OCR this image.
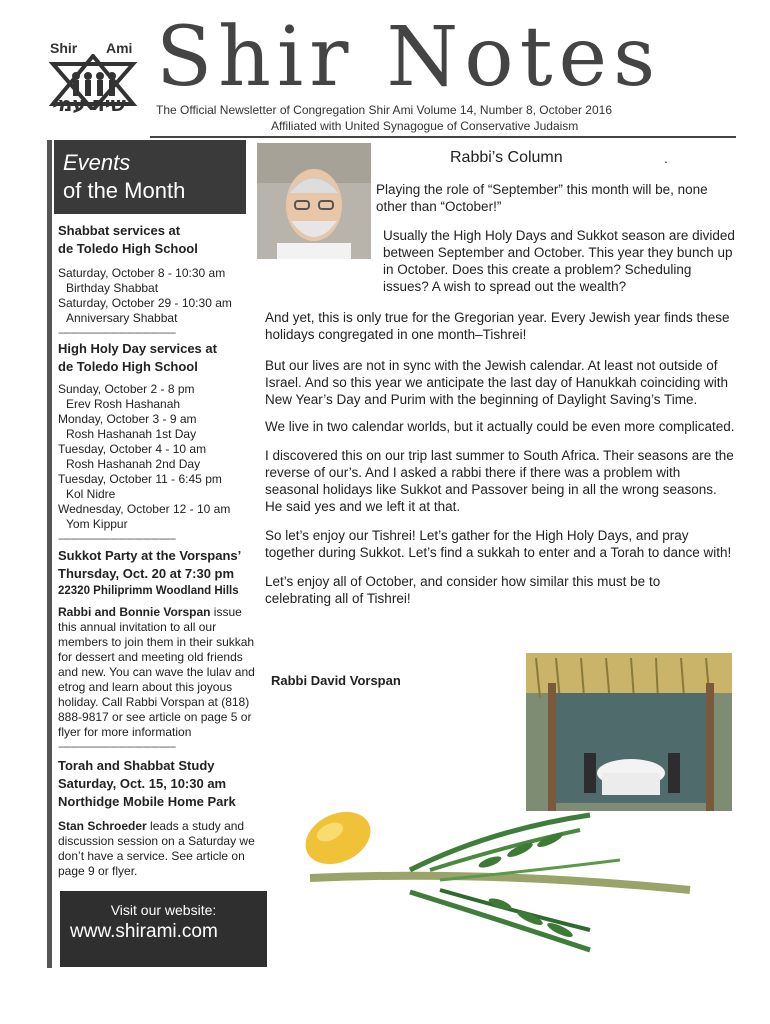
Shir Ami
שיר עמי Shir Notes
The Official Newsletter of Congregation Shir Ami Volume 14, Number 8, October 2016
Affiliated with United Synagogue of Conservative Judaism
Events
of the Month
Shabbat services at
de Toledo High School
Saturday, October 8 - 10:30 am
Birthday Shabbat
Saturday, October 29 - 10:30 am
Anniversary Shabbat
--------------------------------------------
High Holy Day services at
de Toledo High School
Sunday, October 2 - 8 pm
Erev Rosh Hashanah
Monday, October 3 - 9 am
Rosh Hashanah 1st Day
Tuesday, October 4 - 10 am
Rosh Hashanah 2nd Day
Tuesday, October 11 - 6:45 pm
Kol Nidre
Wednesday, October 12 - 10 am
Yom Kippur
--------------------------------------------
Sukkot Party at the Vorspans’
Thursday, Oct. 20 at 7:30 pm
22320 Philiprimm Woodland Hills
Rabbi and Bonnie Vorspan issue this annual invitation to all our members to join them in their sukkah for dessert and meeting old friends and new. You can wave the lulav and etrog and learn about this joyous holiday. Call Rabbi Vorspan at (818) 888-9817 or see article on page 5 or flyer for more information
--------------------------------------------
Torah and Shabbat Study
Saturday, Oct. 15, 10:30 am
Northidge Mobile Home Park
Stan Schroeder leads a study and discussion session on a Saturday we don’t have a service. See article on page 9 or flyer.
Visit our website:
www.shirami.com
Rabbi’s Column	.
Playing the role of “September” this month will be, none other than “October!”
Usually the High Holy Days and Sukkot season are divided between September and October. This year they bunch up in October. Does this create a problem? Scheduling issues? A wish to spread out the wealth?
And yet, this is only true for the Gregorian year. Every Jewish year finds these holidays congregated in one month–Tishrei!
But our lives are not in sync with the Jewish calendar. At least not outside of Israel. And so this year we anticipate the last day of Hanukkah coinciding with New Year’s Day and Purim with the beginning of Daylight Saving’s Time.
We live in two calendar worlds, but it actually could be even more complicated.
I discovered this on our trip last summer to South Africa. Their seasons are the reverse of our’s. And I asked a rabbi there if there was a problem with seasonal holidays like Sukkot and Passover being in all the wrong seasons. He said yes and we left it at that.
So let’s enjoy our Tishrei! Let’s gather for the High Holy Days, and pray together during Sukkot. Let’s find a sukkah to enter and a Torah to dance with!
Let’s enjoy all of October, and consider how similar this must be to celebrating all of Tishrei!
Rabbi David Vorspan
